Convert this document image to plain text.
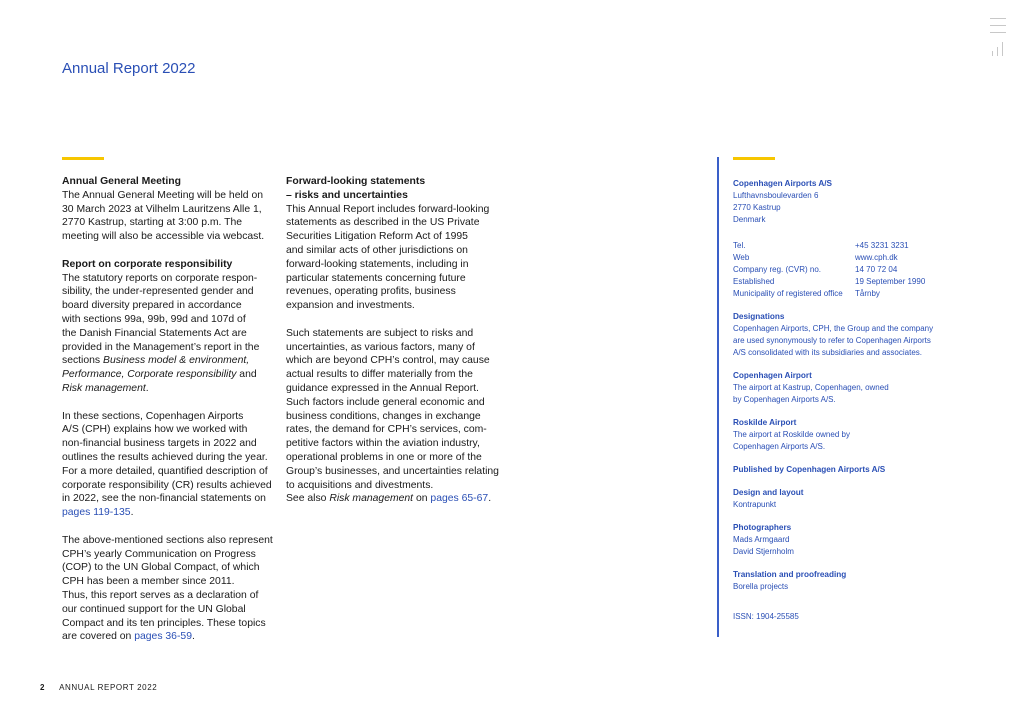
Annual Report 2022

Annual General Meeting

The Annual General Meeting will be held on

30 March 2023 at Vilhelm Lauritzens Alle 1,

2770 Kastrup, starting at 3:00 p.m. The

meeting will also be accessible via webcast.

Report on corporate responsibility

The statutory reports on corporate respon-

sibility, the under-represented gender and

board diversity prepared in accordance

with sections 99a, 99b, 99d and 107d of

the Danish Financial Statements Act are

provided in the Management’s report in the

sections Business model & environment,

Performance, Corporate responsibility and

Risk management.

In these sections, Copenhagen Airports

A/S (CPH) explains how we worked with

non-financial business targets in 2022 and

outlines the results achieved during the year.

For a more detailed, quantified description of

corporate responsibility (CR) results achieved

in 2022, see the non-financial statements on

pages 119-135.

The above-mentioned sections also represent

CPH’s yearly Communication on Progress

(COP) to the UN Global Compact, of which

CPH has been a member since 2011.

Thus, this report serves as a declaration of

our continued support for the UN Global

Compact and its ten principles. These topics

are covered on pages 36-59.

Forward-looking statements

– risks and uncertainties

This Annual Report includes forward-looking

statements as described in the US Private

Securities Litigation Reform Act of 1995

and similar acts of other jurisdictions on

forward-looking statements, including in

particular statements concerning future

revenues, operating profits, business

expansion and investments.

Such statements are subject to risks and

uncertainties, as various factors, many of

which are beyond CPH’s control, may cause

actual results to differ materially from the

guidance expressed in the Annual Report.

Such factors include general economic and

business conditions, changes in exchange

rates, the demand for CPH’s services, com-

petitive factors within the aviation industry,

operational problems in one or more of the

Group’s businesses, and uncertainties relating

to acquisitions and divestments.

See also Risk management on pages 65-67.

Copenhagen Airports A/S
Lufthavnsboulevarden 6
2770 Kastrup
Denmark
Tel.	+45 3231 3231
Web	www.cph.dk
Company reg. (CVR) no.	14 70 72 04
Established	19 September 1990
Municipality of registered office	Tårnby
Designations
Copenhagen Airports, CPH, the Group and the company
are used synonymously to refer to Copenhagen Airports
A/S consolidated with its subsidiaries and associates.
Copenhagen Airport
The airport at Kastrup, Copenhagen, owned
by Copenhagen Airports A/S.
Roskilde Airport
The airport at Roskilde owned by
Copenhagen Airports A/S.
Published by Copenhagen Airports A/S
Design and layout
Kontrapunkt
Photographers
Mads Armgaard
David Stjernholm
Translation and proofreading
Borella projects
ISSN: 1904-25585
2 ANNUAL REPORT 2022
